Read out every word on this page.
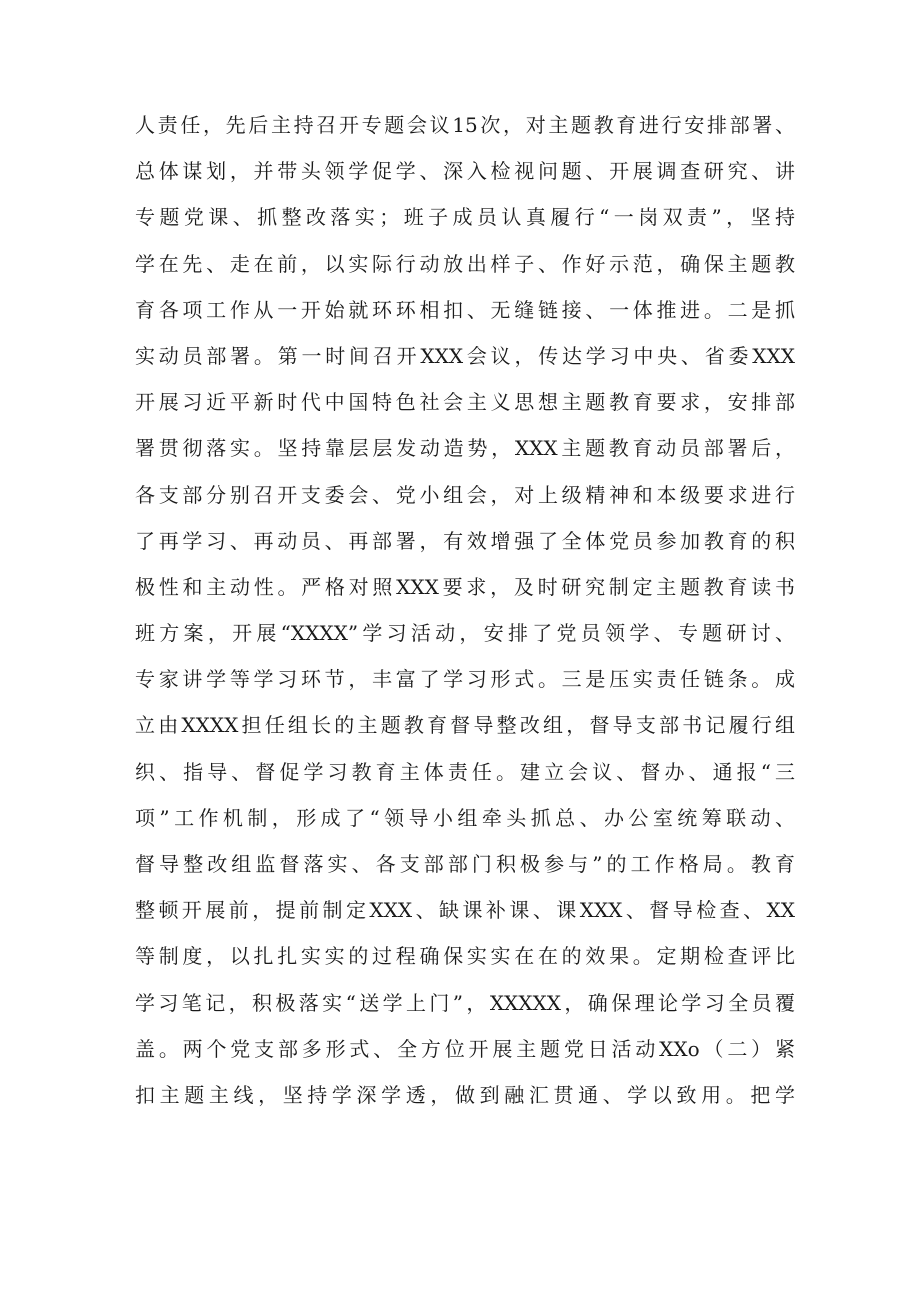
人责任，先后主持召开专题会议15次，对主题教育进行安排部署、
总体谋划，并带头领学促学、深入检视问题、开展调查研究、讲
专题党课、抓整改落实；班子成员认真履行“一岗双责”，坚持
学在先、走在前，以实际行动放出样子、作好示范，确保主题教
育各项工作从一开始就环环相扣、无缝链接、一体推进。二是抓
实动员部署。第一时间召开XXX会议，传达学习中央、省委XXX
开展习近平新时代中国特色社会主义思想主题教育要求，安排部
署贯彻落实。坚持靠层层发动造势，XXX主题教育动员部署后，
各支部分别召开支委会、党小组会，对上级精神和本级要求进行
了再学习、再动员、再部署，有效增强了全体党员参加教育的积
极性和主动性。严格对照XXX要求，及时研究制定主题教育读书
班方案，开展“XXXX”学习活动，安排了党员领学、专题研讨、
专家讲学等学习环节，丰富了学习形式。三是压实责任链条。成
立由XXXX担任组长的主题教育督导整改组，督导支部书记履行组
织、指导、督促学习教育主体责任。建立会议、督办、通报“三
项”工作机制，形成了“领导小组牵头抓总、办公室统筹联动、
督导整改组监督落实、各支部部门积极参与”的工作格局。教育
整顿开展前，提前制定XXX、缺课补课、课XXX、督导检查、XX
等制度，以扎扎实实的过程确保实实在在的效果。定期检查评比
学习笔记，积极落实“送学上门”，XXXXX，确保理论学习全员覆
盖。两个党支部多形式、全方位开展主题党日活动XXo（二）紧
扣主题主线，坚持学深学透，做到融汇贯通、学以致用。把学
